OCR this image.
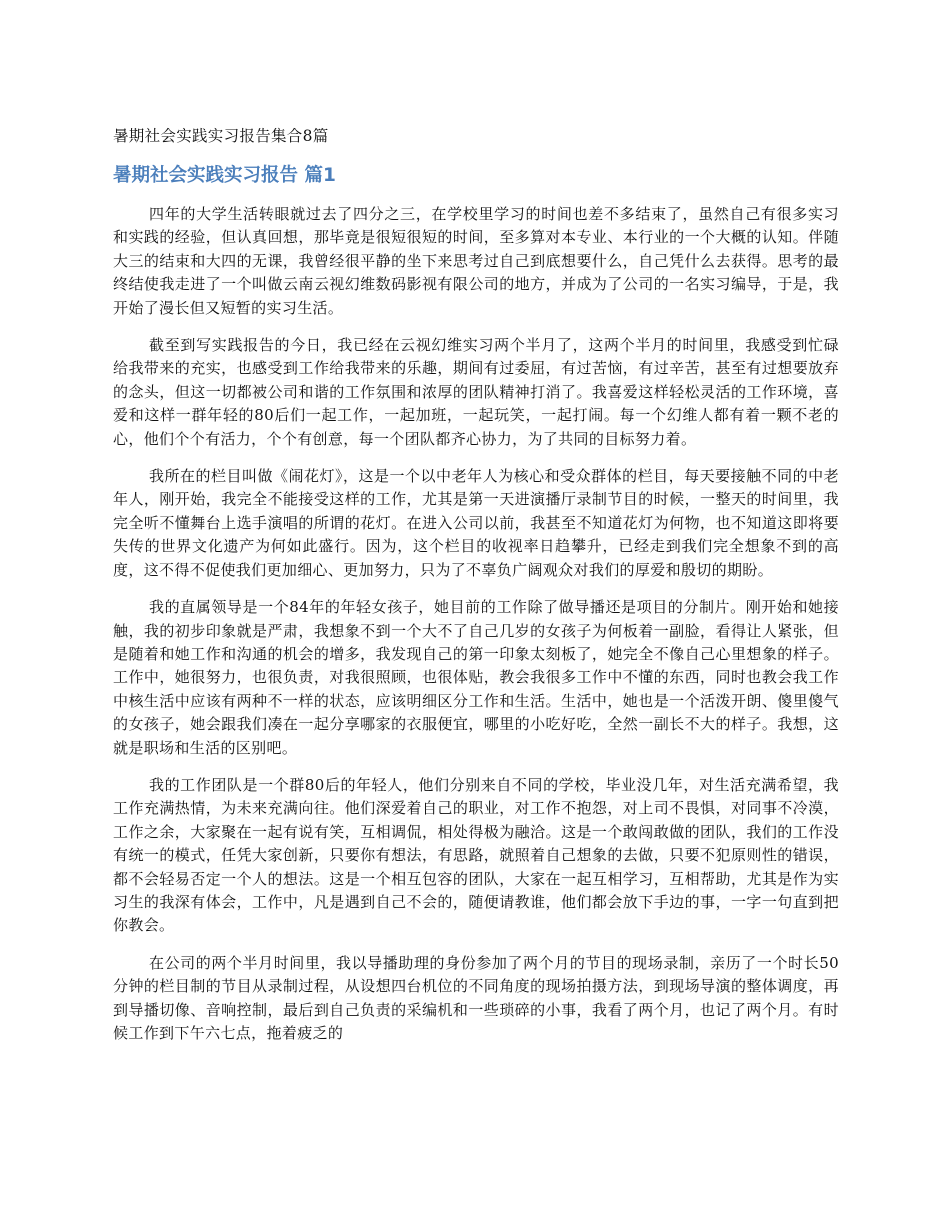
暑期社会实践实习报告集合8篇
暑期社会实践实习报告 篇1

四年的大学生活转眼就过去了四分之三，在学校里学习的时间也差不多结束了，虽然自己有很多实习和实践的经验，但认真回想，那毕竟是很短很短的时间，至多算对本专业、本行业的一个大概的认知。伴随大三的结束和大四的无课，我曾经很平静的坐下来思考过自己到底想要什么，自己凭什么去获得。思考的最终结使我走进了一个叫做云南云视幻维数码影视有限公司的地方，并成为了公司的一名实习编导，于是，我开始了漫长但又短暂的实习生活。

截至到写实践报告的今日，我已经在云视幻维实习两个半月了，这两个半月的时间里，我感受到忙碌给我带来的充实，也感受到工作给我带来的乐趣，期间有过委屈，有过苦恼，有过辛苦，甚至有过想要放弃的念头，但这一切都被公司和谐的工作氛围和浓厚的团队精神打消了。我喜爱这样轻松灵活的工作环境，喜爱和这样一群年轻的80后们一起工作，一起加班，一起玩笑，一起打闹。每一个幻维人都有着一颗不老的心，他们个个有活力，个个有创意，每一个团队都齐心协力，为了共同的目标努力着。

我所在的栏目叫做《闹花灯》，这是一个以中老年人为核心和受众群体的栏目，每天要接触不同的中老年人，刚开始，我完全不能接受这样的工作，尤其是第一天进演播厅录制节目的时候，一整天的时间里，我完全听不懂舞台上选手演唱的所谓的花灯。在进入公司以前，我甚至不知道花灯为何物，也不知道这即将要失传的世界文化遗产为何如此盛行。因为，这个栏目的收视率日趋攀升，已经走到我们完全想象不到的高度，这不得不促使我们更加细心、更加努力，只为了不辜负广阔观众对我们的厚爱和殷切的期盼。

我的直属领导是一个84年的年轻女孩子，她目前的工作除了做导播还是项目的分制片。刚开始和她接触，我的初步印象就是严肃，我想象不到一个大不了自己几岁的女孩子为何板着一副脸，看得让人紧张，但是随着和她工作和沟通的机会的增多，我发现自己的第一印象太刻板了，她完全不像自己心里想象的样子。工作中，她很努力，也很负责，对我很照顾，也很体贴，教会我很多工作中不懂的东西，同时也教会我工作中核生活中应该有两种不一样的状态，应该明细区分工作和生活。生活中，她也是一个活泼开朗、傻里傻气的女孩子，她会跟我们凑在一起分享哪家的衣服便宜，哪里的小吃好吃，全然一副长不大的样子。我想，这就是职场和生活的区别吧。

我的工作团队是一个群80后的年轻人，他们分别来自不同的学校，毕业没几年，对生活充满希望，我工作充满热情，为未来充满向往。他们深爱着自己的职业，对工作不抱怨，对上司不畏惧，对同事不冷漠，工作之余，大家聚在一起有说有笑，互相调侃，相处得极为融洽。这是一个敢闯敢做的团队，我们的工作没有统一的模式，任凭大家创新，只要你有想法，有思路，就照着自己想象的去做，只要不犯原则性的错误，都不会轻易否定一个人的想法。这是一个相互包容的团队，大家在一起互相学习，互相帮助，尤其是作为实习生的我深有体会，工作中，凡是遇到自己不会的，随便请教谁，他们都会放下手边的事，一字一句直到把你教会。

在公司的两个半月时间里，我以导播助理的身份参加了两个月的节目的现场录制，亲历了一个时长50分钟的栏目制的节目从录制过程，从设想四台机位的不同角度的现场拍摄方法，到现场导演的整体调度，再到导播切像、音响控制，最后到自己负责的采编机和一些琐碎的小事，我看了两个月，也记了两个月。有时候工作到下午六七点，拖着疲乏的
